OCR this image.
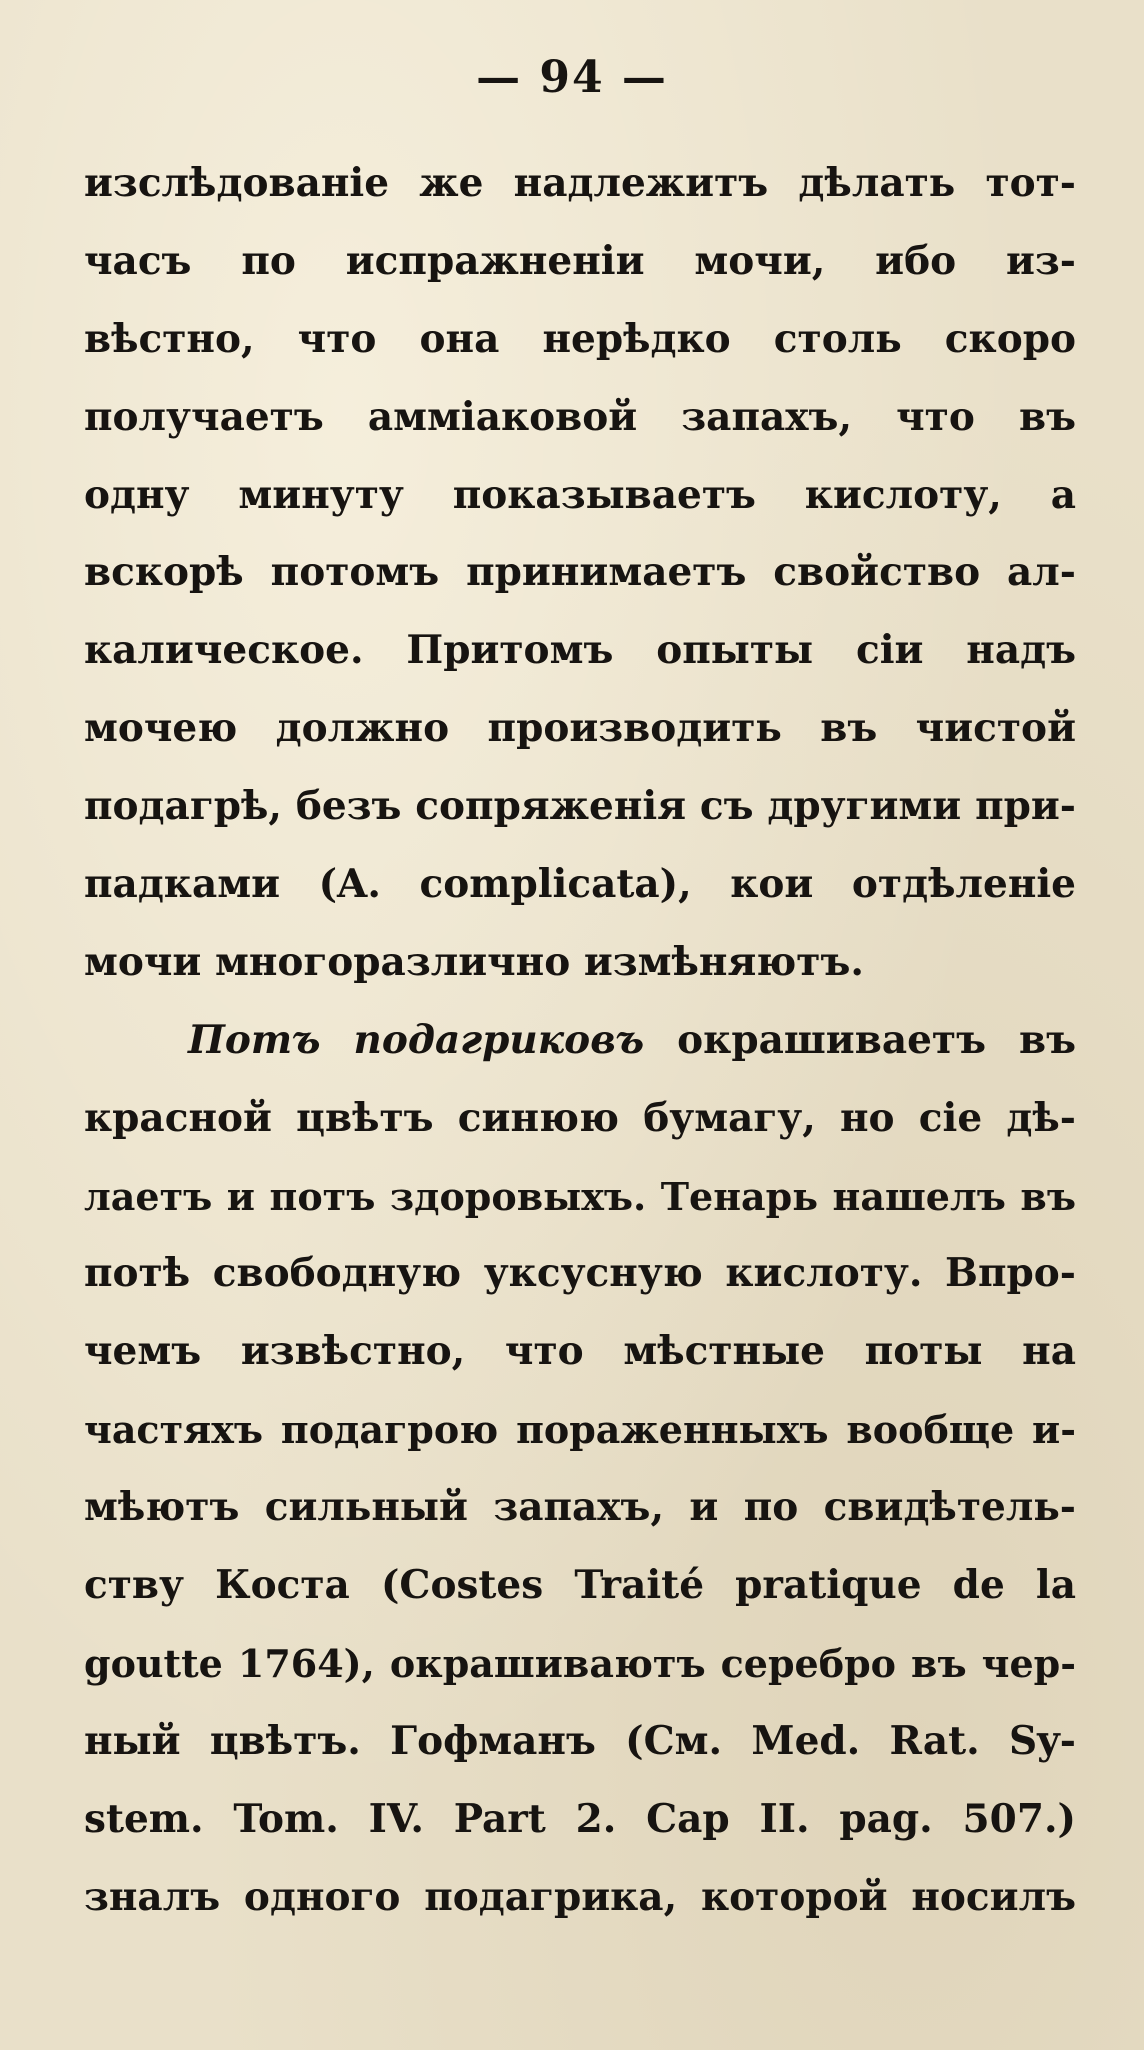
— 94 —
изслѣдованіе же надлежитъ дѣлать тот-
часъ по испражненіи мочи, ибо из-
вѣстно, что она нерѣдко столь скоро
получаетъ аммiаковой запахъ, что въ
одну минуту показываетъ кислоту, а
вскорѣ потомъ принимаетъ свойство ал-
калическое. Притомъ опыты сіи надъ
мочею должно производить въ чистой
подагрѣ, безъ сопряженія съ другими при-
падками (A. complicata), кои отдѣленіе
мочи многоразлично измѣняютъ.
Потъ подагриковъ окрашиваетъ въ
красной цвѣтъ синюю бумагу, но сіе дѣ-
лаетъ и потъ здоровыхъ. Тенарь нашелъ въ
потѣ свободную уксусную кислоту. Впро-
чемъ извѣстно, что мѣстные поты на
частяхъ подагрою пораженныхъ вообще и-
мѣютъ сильный запахъ, и по свидѣтель-
ству Коста (Costes Traité pratique de la
goutte 1764), окрашиваютъ серебро въ чер-
ный цвѣтъ. Гофманъ (См. Med. Rat. Sy-
stem. Tom. IV. Part 2. Cap II. pag. 507.)
зналъ одного подагрика, которой носилъ
